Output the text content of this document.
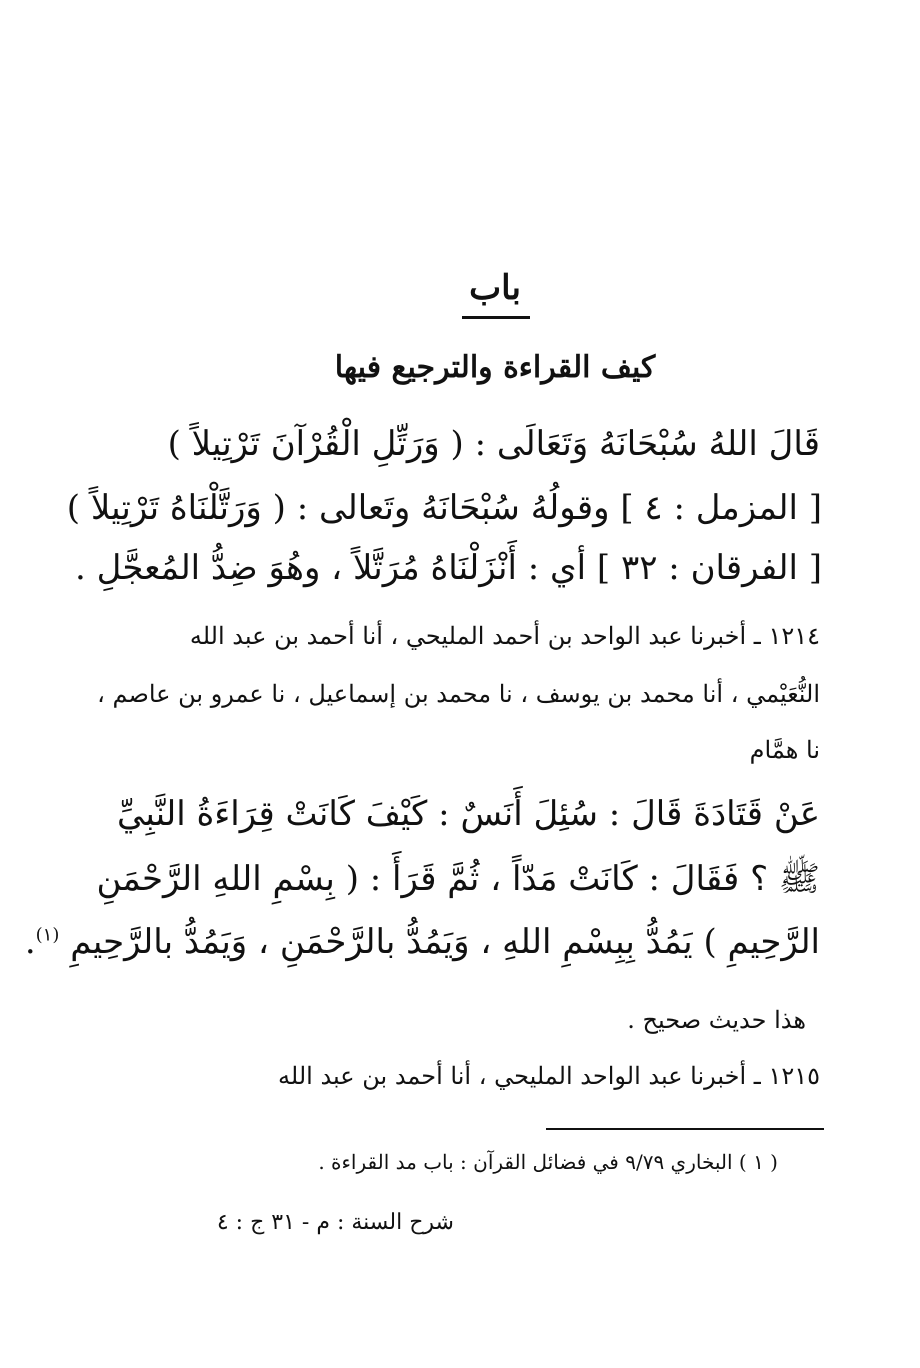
باب
كيف القراءة والترجيع فيها
قَالَ اللهُ سُبْحَانَهُ وَتَعَالَى : ( وَرَتِّلِ الْقُرْآنَ تَرْتِيلاً )
[ المزمل : ٤ ] وقولُهُ سُبْحَانَهُ وتَعالى : ( وَرَتَّلْنَاهُ تَرْتِيلاً )
[ الفرقان : ٣٢ ] أي : أَنْزَلْنَاهُ مُرَتَّلاً ، وهُوَ ضِدُّ المُعجَّلِ .
١٢١٤ ـ أخبرنا عبد الواحد بن أحمد المليحي ، أنا أحمد بن عبد الله
النُّعَيْمي ، أنا محمد بن يوسف ، نا محمد بن إسماعيل ، نا عمرو بن عاصم ،
نا همَّام
عَنْ قَتَادَةَ قَالَ : سُئِلَ أَنَسٌ : كَيْفَ كَانَتْ قِرَاءَةُ النَّبِيِّ
ﷺ ؟ فَقَالَ : كَانَتْ مَدّاً ، ثُمَّ قَرَأَ : ( بِسْمِ اللهِ الرَّحْمَنِ
الرَّحِيمِ ) يَمُدُّ بِبِسْمِ اللهِ ، وَيَمُدُّ بالرَّحْمَنِ ، وَيَمُدُّ بالرَّحِيمِ $^{(١)}$.
هذا حديث صحيح .
١٢١٥ ـ أخبرنا عبد الواحد المليحي ، أنا أحمد بن عبد الله
( ١ ) البخاري ٩/٧٩ في فضائل القرآن : باب مد القراءة .
شرح السنة : م - ٣١ ج : ٤
